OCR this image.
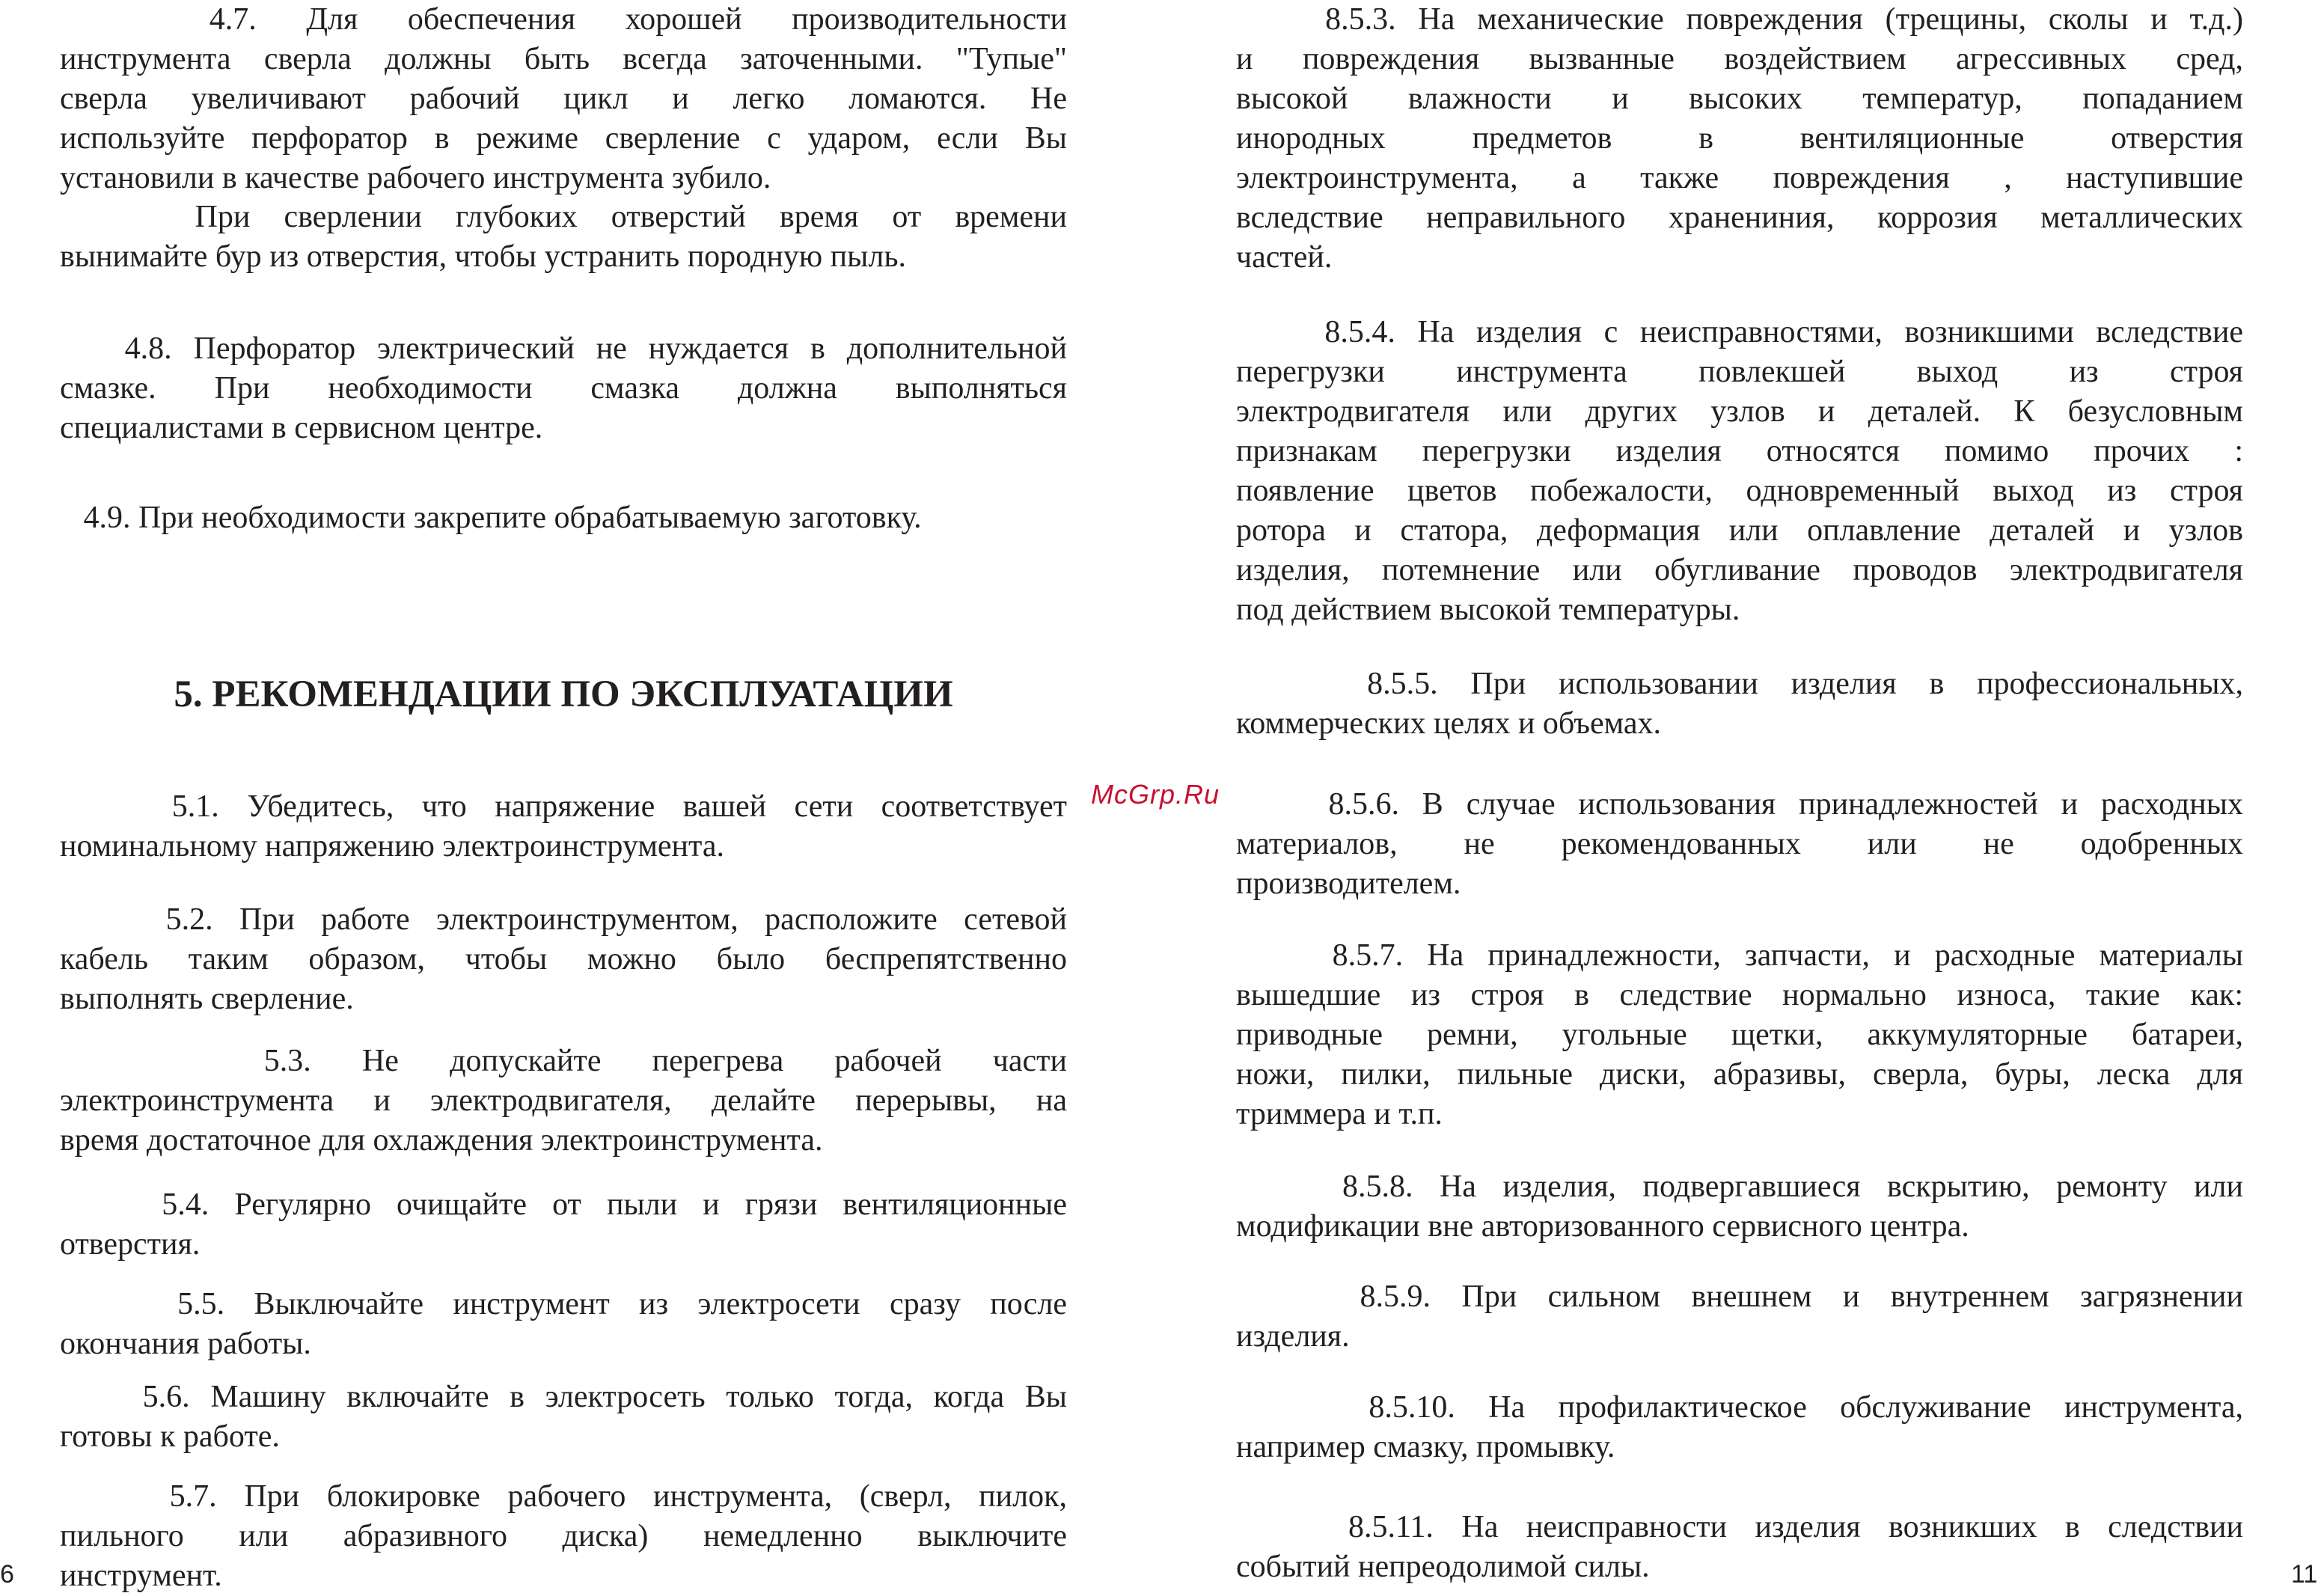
4.7. Для обеспечения хорошей производительности
инструмента сверла должны быть всегда заточенными. "Тупые"
сверла увеличивают рабочий цикл и легко ломаются. Не
используйте перфоратор в режиме сверление с ударом, если Вы
установили в качестве рабочего инструмента зубило.
При сверлении глубоких отверстий время от времени
вынимайте бур из отверстия, чтобы устранить породную пыль.
4.8. Перфоратор электрический не нуждается в дополнительной
смазке. При необходимости смазка должна выполняться
специалистами в сервисном центре.
4.9. При необходимости закрепите обрабатываемую заготовку.
5.1. Убедитесь, что напряжение вашей сети соответствует
номинальному напряжению электроинструмента.
5.2. При работе электроинструментом, расположите сетевой
кабель таким образом, чтобы можно было беспрепятственно
выполнять сверление.
5.3. Не допускайте перегрева рабочей части
электроинструмента и электродвигателя, делайте перерывы, на
время достаточное для охлаждения электроинструмента.
5.4. Регулярно очищайте от пыли и грязи вентиляционные
отверстия.
5.5. Выключайте инструмент из электросети сразу после
окончания работы.
5.6. Машину включайте в электросеть только тогда, когда Вы
готовы к работе.
5.7. При блокировке рабочего инструмента, (сверл, пилок,
пильного или абразивного диска) немедленно выключите
инструмент.
5. РЕКОМЕНДАЦИИ ПО ЭКСПЛУАТАЦИИ
8.5.3. На механические повреждения (трещины, сколы и т.д.)
и повреждения вызванные воздействием агрессивных сред,
высокой влажности и высоких температур, попаданием
инородных предметов в вентиляционные отверстия
электроинструмента, а также повреждения , наступившие
вследствие неправильного хранениния, коррозия металлических
частей.
8.5.4. На изделия с неисправностями, возникшими вследствие
перегрузки инструмента повлекшей выход из строя
электродвигателя или других узлов и деталей. К безусловным
признакам перегрузки изделия относятся помимо прочих :
появление цветов побежалости, одновременный выход из строя
ротора и статора, деформация или оплавление деталей и узлов
изделия, потемнение или обугливание проводов электродвигателя
под действием высокой температуры.
8.5.5. При использовании изделия в профессиональных,
коммерческих целях и объемах.
8.5.6. В случае использования принадлежностей и расходных
материалов, не рекомендованных или не одобренных
производителем.
8.5.7. На принадлежности, запчасти, и расходные материалы
вышедшие из строя в следствие нормально износа, такие как:
приводные ремни, угольные щетки, аккумуляторные батареи,
ножи, пилки, пильные диски, абразивы, сверла, буры, леска для
триммера и т.п.
8.5.8. На изделия, подвергавшиеся вскрытию, ремонту или
модификации вне авторизованного сервисного центра.
8.5.9. При сильном внешнем и внутреннем загрязнении
изделия.
8.5.10. На профилактическое обслуживание инструмента,
например смазку, промывку.
8.5.11. На неисправности изделия возникших в следствии
событий непреодолимой силы.
McGrp.Ru
6	11
